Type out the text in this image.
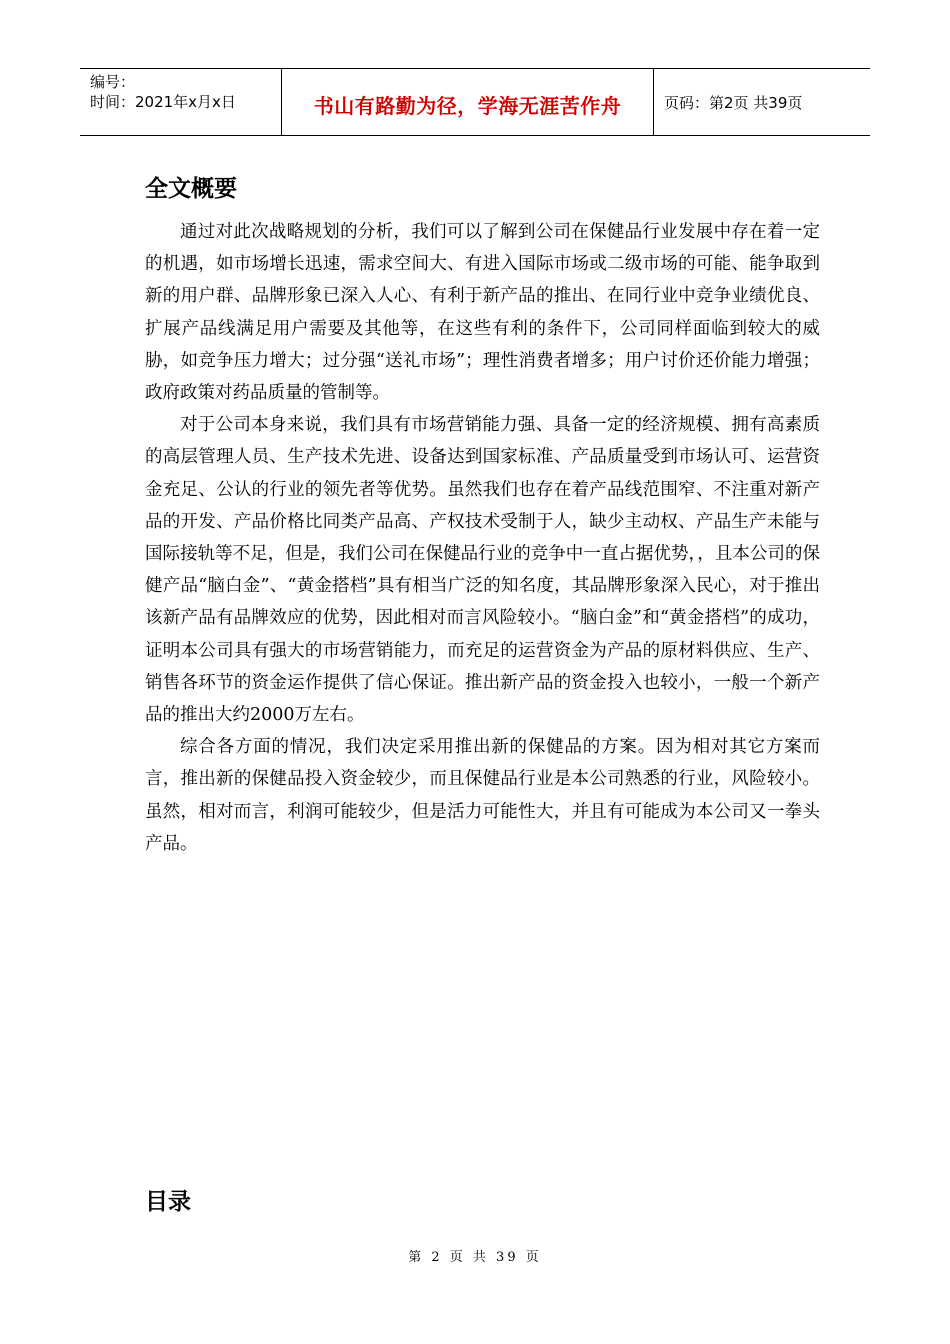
编号：
时间：2021年x月x日	书山有路勤为径，学海无涯苦作舟	页码：第2页 共39页
全文概要

通过对此次战略规划的分析，我们可以了解到公司在保健品行业发展中存在着一定的机遇，如市场增长迅速，需求空间大、有进入国际市场或二级市场的可能、能争取到新的用户群、品牌形象已深入人心、有利于新产品的推出、在同行业中竞争业绩优良、扩展产品线满足用户需要及其他等，在这些有利的条件下，公司同样面临到较大的威胁，如竞争压力增大；过分强“送礼市场”；理性消费者增多；用户讨价还价能力增强；政府政策对药品质量的管制等。

对于公司本身来说，我们具有市场营销能力强、具备一定的经济规模、拥有高素质的高层管理人员、生产技术先进、设备达到国家标准、产品质量受到市场认可、运营资金充足、公认的行业的领先者等优势。虽然我们也存在着产品线范围窄、不注重对新产品的开发、产品价格比同类产品高、产权技术受制于人，缺少主动权、产品生产未能与国际接轨等不足，但是，我们公司在保健品行业的竞争中一直占据优势，，且本公司的保健产品“脑白金”、“黄金搭档”具有相当广泛的知名度，其品牌形象深入民心，对于推出该新产品有品牌效应的优势，因此相对而言风险较小。“脑白金”和“黄金搭档”的成功，证明本公司具有强大的市场营销能力，而充足的运营资金为产品的原材料供应、生产、销售各环节的资金运作提供了信心保证。推出新产品的资金投入也较小，一般一个新产品的推出大约2000万左右。

综合各方面的情况，我们决定采用推出新的保健品的方案。因为相对其它方案而言，推出新的保健品投入资金较少，而且保健品行业是本公司熟悉的行业，风险较小。虽然，相对而言，利润可能较少，但是活力可能性大，并且有可能成为本公司又一拳头产品。

目录
第 2 页 共 39 页
